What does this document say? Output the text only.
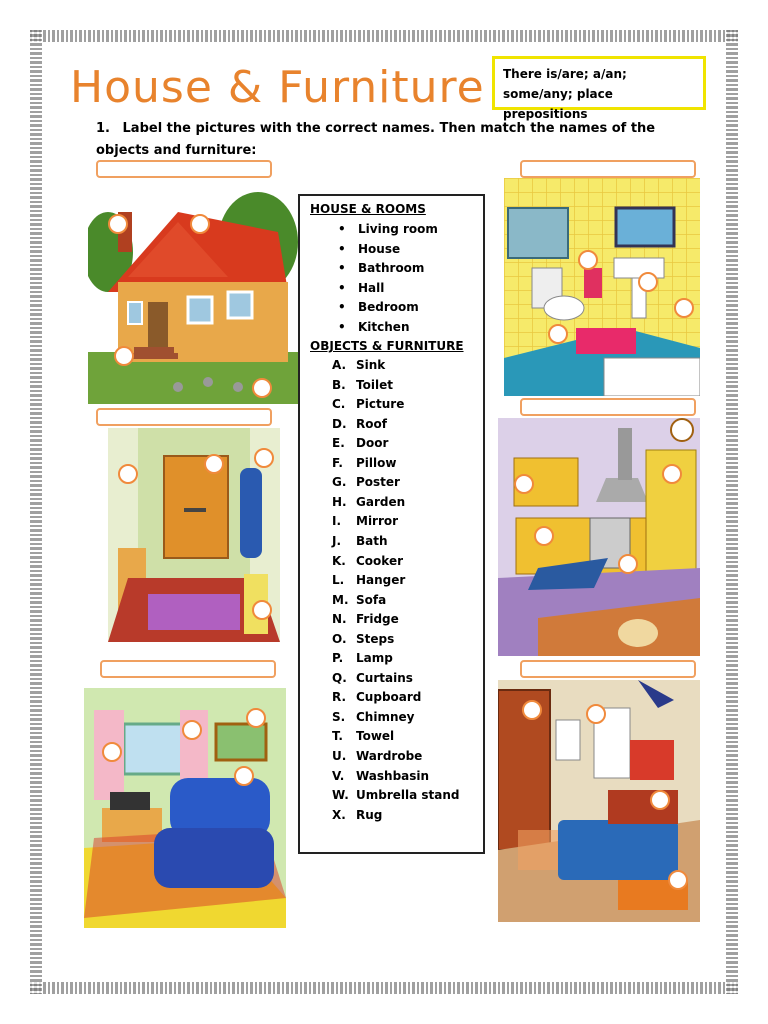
House & Furniture	There is/are; a/an; some/any; place prepositions
1. Label the pictures with the correct names. Then match the names of the objects and furniture:
HOUSE & ROOMS
• Living room
• House
• Bathroom
• Hall
• Bedroom
• Kitchen
OBJECTS & FURNITURE
A. Sink
B. Toilet
C. Picture
D. Roof
E. Door
F. Pillow
G. Poster
H. Garden
I. Mirror
J. Bath
K. Cooker
L. Hanger
M. Sofa
N. Fridge
O. Steps
P. Lamp
Q. Curtains
R. Cupboard
S. Chimney
T. Towel
U. Wardrobe
V. Washbasin
W. Umbrella stand
X. Rug
